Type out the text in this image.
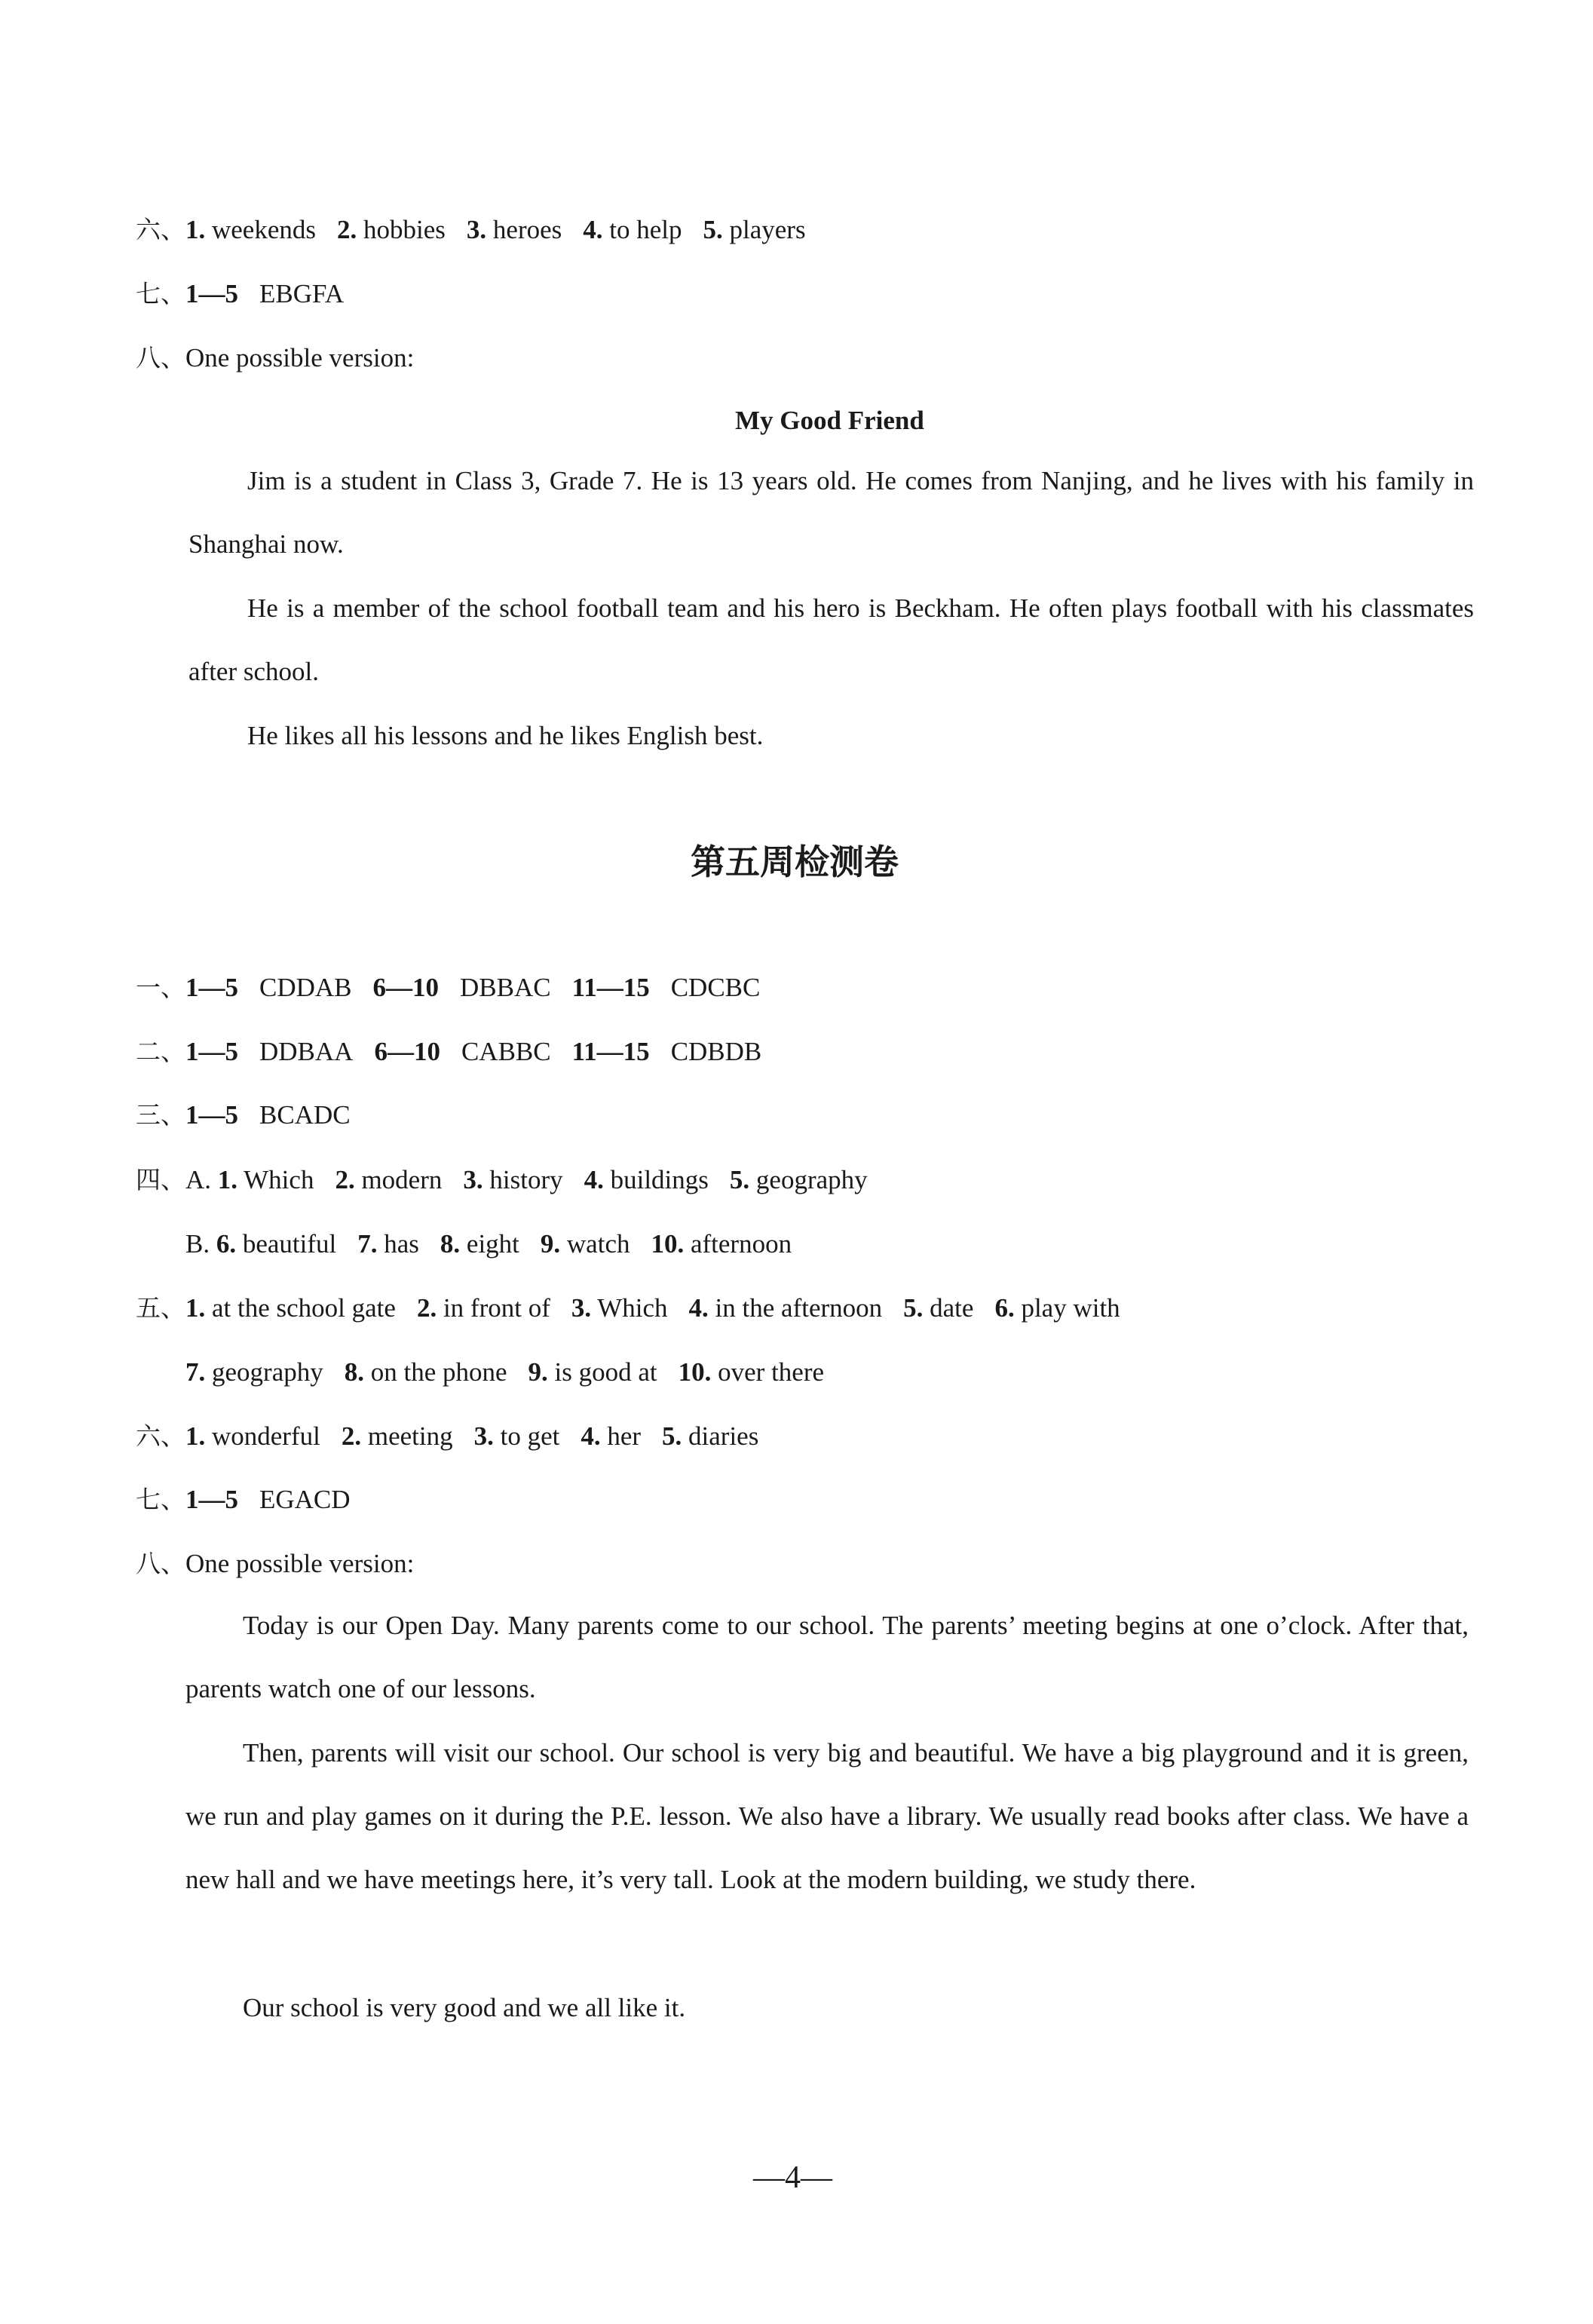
六、1. weekends 2. hobbies 3. heroes 4. to help 5. players
七、1—5 EBGFA
八、One possible version:
My Good Friend
Jim is a student in Class 3, Grade 7. He is 13 years old. He comes from Nanjing, and he lives with his family in Shanghai now.
He is a member of the school football team and his hero is Beckham. He often plays football with his classmates after school.
He likes all his lessons and he likes English best.
第五周检测卷
一、1—5 CDDAB 6—10 DBBAC 11—15 CDCBC
二、1—5 DDBAA 6—10 CABBC 11—15 CDBDB
三、1—5 BCADC
四、A. 1. Which 2. modern 3. history 4. buildings 5. geography
B. 6. beautiful 7. has 8. eight 9. watch 10. afternoon
五、1. at the school gate 2. in front of 3. Which 4. in the afternoon 5. date 6. play with
7. geography 8. on the phone 9. is good at 10. over there
六、1. wonderful 2. meeting 3. to get 4. her 5. diaries
七、1—5 EGACD
八、One possible version:
Today is our Open Day. Many parents come to our school. The parents’ meeting begins at one o’clock. After that, parents watch one of our lessons.
Then, parents will visit our school. Our school is very big and beautiful. We have a big playground and it is green, we run and play games on it during the P.E. lesson. We also have a library. We usually read books after class. We have a new hall and we have meetings here, it’s very tall. Look at the modern building, we study there.
Our school is very good and we all like it.
—4—
